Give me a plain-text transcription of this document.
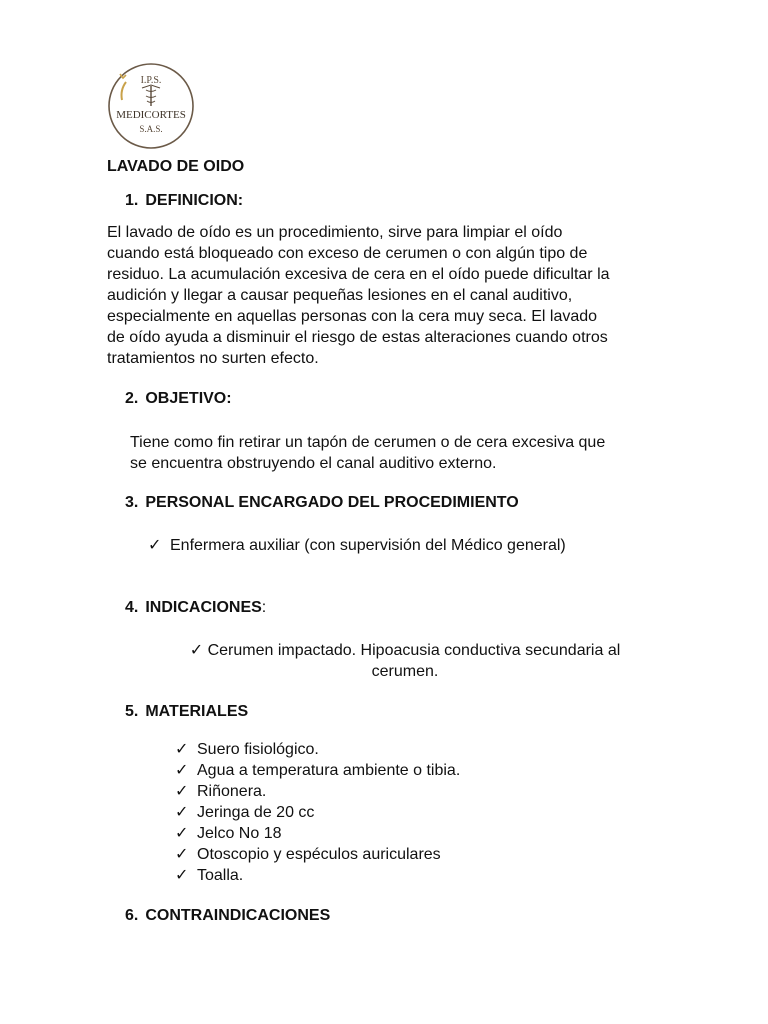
I.P.S.
MEDICORTES
S.A.S.
LAVADO DE OIDO
1. DEFINICION:
El lavado de oído es un procedimiento, sirve para limpiar el oído
cuando está bloqueado con exceso de cerumen o con algún tipo de
residuo. La acumulación excesiva de cera en el oído puede dificultar la
audición y llegar a causar pequeñas lesiones en el canal auditivo,
especialmente en aquellas personas con la cera muy seca. El lavado
de oído ayuda a disminuir el riesgo de estas alteraciones cuando otros
tratamientos no surten efecto.
2. OBJETIVO:
Tiene como fin retirar un tapón de cerumen o de cera excesiva que
se encuentra obstruyendo el canal auditivo externo.
3. PERSONAL ENCARGADO DEL PROCEDIMIENTO
✓ Enfermera auxiliar (con supervisión del Médico general)
4. INDICACIONES:
✓ Cerumen impactado. Hipoacusia conductiva secundaria al
cerumen.
5. MATERIALES
✓ Suero fisiológico.
✓ Agua a temperatura ambiente o tibia.
✓ Riñonera.
✓ Jeringa de 20 cc
✓ Jelco No 18
✓ Otoscopio y espéculos auriculares
✓ Toalla.
6. CONTRAINDICACIONES
